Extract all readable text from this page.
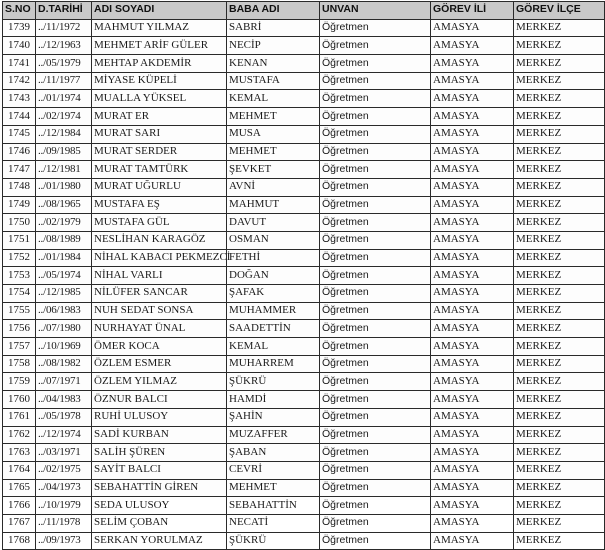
S.NO	D.TARİHİ	ADI SOYADI	BABA ADI	UNVAN	GÖREV İLİ	GÖREV İLÇE
1739	../11/1972	MAHMUT YILMAZ	SABRİ	Öğretmen	AMASYA	MERKEZ
1740	../12/1963	MEHMET ARİF GÜLER	NECİP	Öğretmen	AMASYA	MERKEZ
1741	../05/1979	MEHTAP AKDEMİR	KENAN	Öğretmen	AMASYA	MERKEZ
1742	../11/1977	MİYASE KÜPELİ	MUSTAFA	Öğretmen	AMASYA	MERKEZ
1743	../01/1974	MUALLA YÜKSEL	KEMAL	Öğretmen	AMASYA	MERKEZ
1744	../02/1974	MURAT ER	MEHMET	Öğretmen	AMASYA	MERKEZ
1745	../12/1984	MURAT SARI	MUSA	Öğretmen	AMASYA	MERKEZ
1746	../09/1985	MURAT SERDER	MEHMET	Öğretmen	AMASYA	MERKEZ
1747	../12/1981	MURAT TAMTÜRK	ŞEVKET	Öğretmen	AMASYA	MERKEZ
1748	../01/1980	MURAT UĞURLU	AVNİ	Öğretmen	AMASYA	MERKEZ
1749	../08/1965	MUSTAFA EŞ	MAHMUT	Öğretmen	AMASYA	MERKEZ
1750	../02/1979	MUSTAFA GÜL	DAVUT	Öğretmen	AMASYA	MERKEZ
1751	../08/1989	NESLİHAN KARAGÖZ	OSMAN	Öğretmen	AMASYA	MERKEZ
1752	../01/1984	NİHAL KABACI PEKMEZCİ	FETHİ	Öğretmen	AMASYA	MERKEZ
1753	../05/1974	NİHAL VARLI	DOĞAN	Öğretmen	AMASYA	MERKEZ
1754	../12/1985	NİLÜFER SANCAR	ŞAFAK	Öğretmen	AMASYA	MERKEZ
1755	../06/1983	NUH SEDAT SONSA	MUHAMMER	Öğretmen	AMASYA	MERKEZ
1756	../07/1980	NURHAYAT ÜNAL	SAADETTİN	Öğretmen	AMASYA	MERKEZ
1757	../10/1969	ÖMER KOCA	KEMAL	Öğretmen	AMASYA	MERKEZ
1758	../08/1982	ÖZLEM ESMER	MUHARREM	Öğretmen	AMASYA	MERKEZ
1759	../07/1971	ÖZLEM YILMAZ	ŞÜKRÜ	Öğretmen	AMASYA	MERKEZ
1760	../04/1983	ÖZNUR BALCI	HAMDİ	Öğretmen	AMASYA	MERKEZ
1761	../05/1978	RUHİ ULUSOY	ŞAHİN	Öğretmen	AMASYA	MERKEZ
1762	../12/1974	SADİ KURBAN	MUZAFFER	Öğretmen	AMASYA	MERKEZ
1763	../03/1971	SALİH ŞÜREN	ŞABAN	Öğretmen	AMASYA	MERKEZ
1764	../02/1975	SAYİT BALCI	CEVRİ	Öğretmen	AMASYA	MERKEZ
1765	../04/1973	SEBAHATTİN GİREN	MEHMET	Öğretmen	AMASYA	MERKEZ
1766	../10/1979	SEDA ULUSOY	SEBAHATTİN	Öğretmen	AMASYA	MERKEZ
1767	../11/1978	SELİM ÇOBAN	NECATİ	Öğretmen	AMASYA	MERKEZ
1768	../09/1973	SERKAN YORULMAZ	ŞÜKRÜ	Öğretmen	AMASYA	MERKEZ
